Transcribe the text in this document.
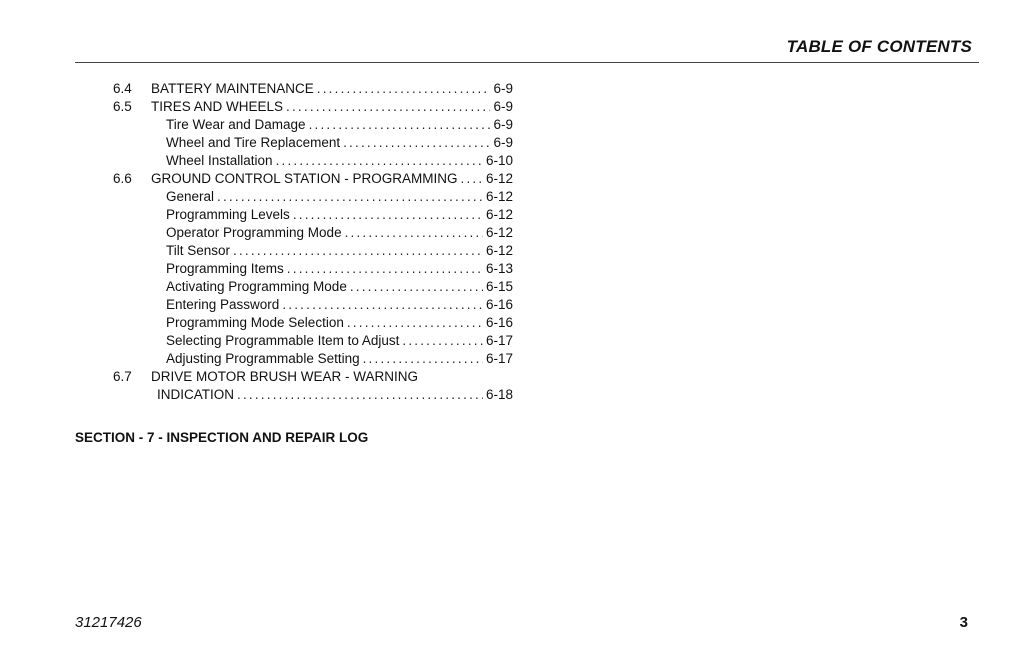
TABLE OF CONTENTS
6.4 BATTERY MAINTENANCE .....	6-9
6.5 TIRES AND WHEELS .....	6-9
Tire Wear and Damage .....	6-9
Wheel and Tire Replacement .....	6-9
Wheel Installation .....	6-10
6.6 GROUND CONTROL STATION - PROGRAMMING ..... 6-12
General .....	6-12
Programming Levels .....	6-12
Operator Programming Mode .....	6-12
Tilt Sensor .....	6-12
Programming Items .....	6-13
Activating Programming Mode .....	6-15
Entering Password .....	6-16
Programming Mode Selection .....	6-16
Selecting Programmable Item to Adjust .....	6-17
Adjusting Programmable Setting .....	6-17
6.7 DRIVE MOTOR BRUSH WEAR - WARNING
INDICATION .....	6-18
SECTION - 7 - INSPECTION AND REPAIR LOG
31217426	3
